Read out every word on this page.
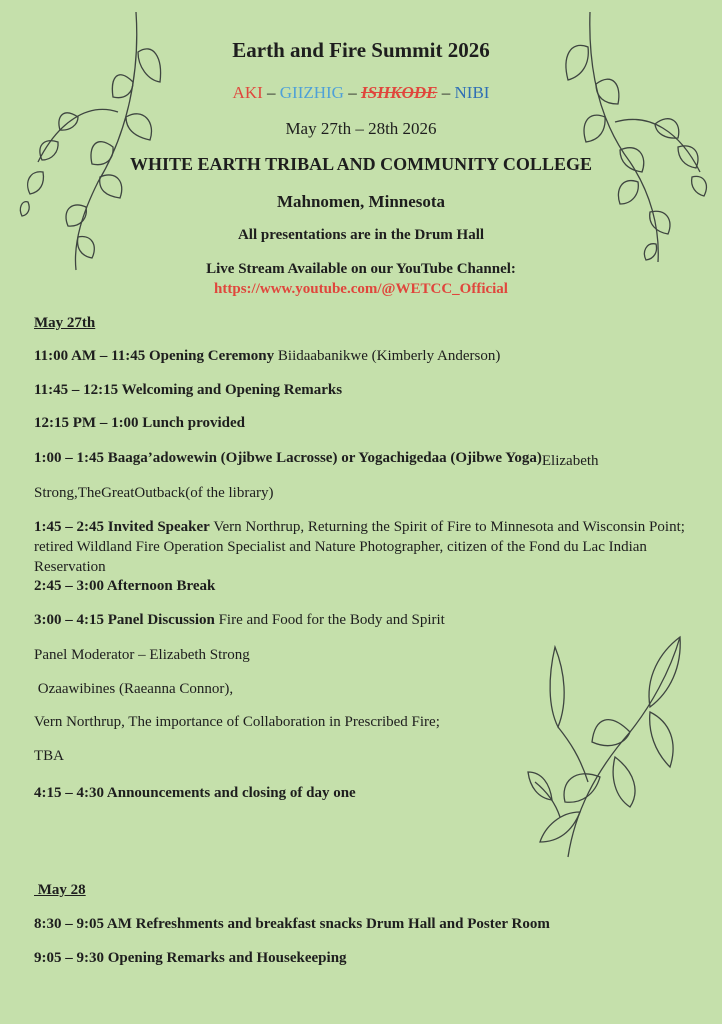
Earth and Fire Summit 2026
AKI – GIIZHIG – ISHKODE – NIBI
May 27th – 28th 2026
WHITE EARTH TRIBAL AND COMMUNITY COLLEGE
Mahnomen, Minnesota
All presentations are in the Drum Hall
Live Stream Available on our YouTube Channel:
https://www.youtube.com/@WETCC_Official
May 27th
11:00 AM – 11:45 Opening Ceremony Biidaabanikwe (Kimberly Anderson)
11:45 – 12:15 Welcoming and Opening Remarks
12:15 PM – 1:00 Lunch provided
1:00 – 1:45 Baaga’adowewin (Ojibwe Lacrosse) or Yogachigedaa (Ojibwe Yoga)Elizabeth
Strong,TheGreatOutback(of the library)
1:45 – 2:45 Invited Speaker Vern Northrup, Returning the Spirit of Fire to Minnesota and Wisconsin Point; retired Wildland Fire Operation Specialist and Nature Photographer, citizen of the Fond du Lac Indian Reservation
2:45 – 3:00 Afternoon Break
3:00 – 4:15 Panel Discussion Fire and Food for the Body and Spirit
Panel Moderator – Elizabeth Strong
Ozaawibines (Raeanna Connor),
Vern Northrup, The importance of Collaboration in Prescribed Fire;
TBA
4:15 – 4:30 Announcements and closing of day one
May 28
8:30 – 9:05 AM Refreshments and breakfast snacks Drum Hall and Poster Room
9:05 – 9:30 Opening Remarks and Housekeeping
